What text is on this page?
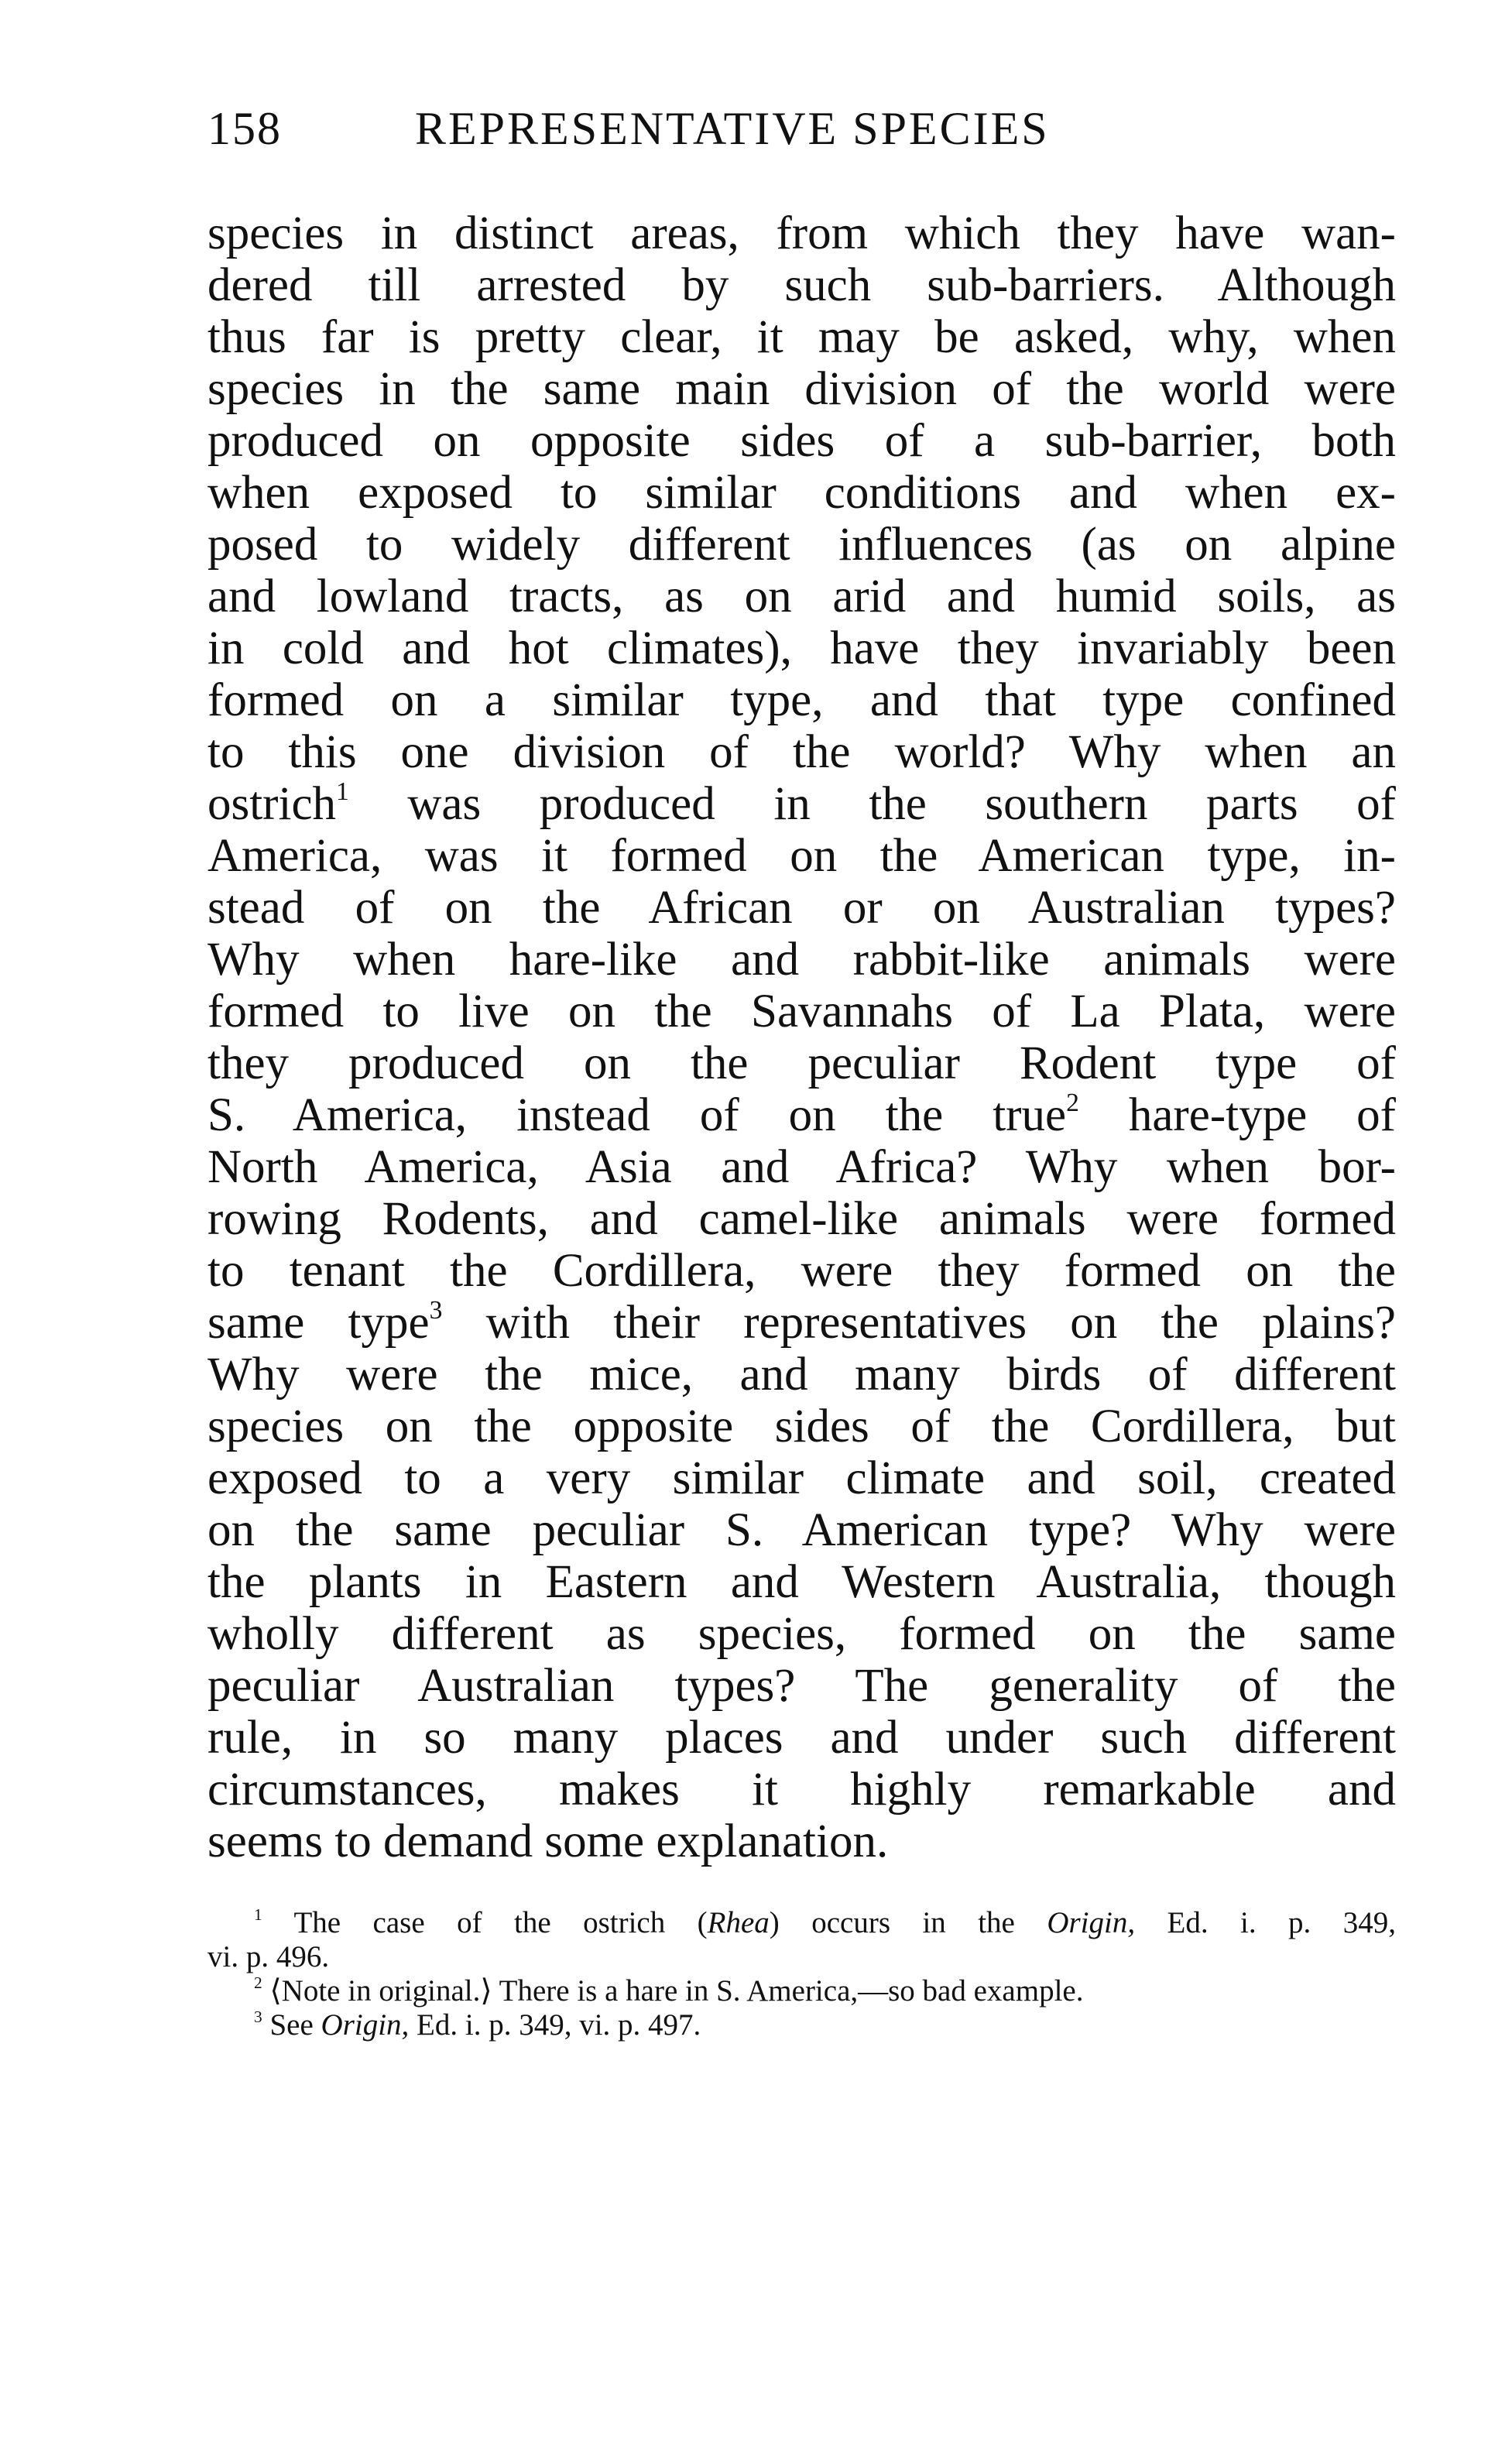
158	REPRESENTATIVE SPECIES
species in distinct areas, from which they have wan-
dered till arrested by such sub-barriers. Although
thus far is pretty clear, it may be asked, why, when
species in the same main division of the world were
produced on opposite sides of a sub-barrier, both
when exposed to similar conditions and when ex-
posed to widely different influences (as on alpine
and lowland tracts, as on arid and humid soils, as
in cold and hot climates), have they invariably been
formed on a similar type, and that type confined
to this one division of the world? Why when an
ostrich$^1$ was produced in the southern parts of
America, was it formed on the American type, in-
stead of on the African or on Australian types?
Why when hare-like and rabbit-like animals were
formed to live on the Savannahs of La Plata, were
they produced on the peculiar Rodent type of
S. America, instead of on the true$^2$ hare-type of
North America, Asia and Africa? Why when bor-
rowing Rodents, and camel-like animals were formed
to tenant the Cordillera, were they formed on the
same type$^3$ with their representatives on the plains?
Why were the mice, and many birds of different
species on the opposite sides of the Cordillera, but
exposed to a very similar climate and soil, created
on the same peculiar S. American type? Why were
the plants in Eastern and Western Australia, though
wholly different as species, formed on the same
peculiar Australian types? The generality of the
rule, in so many places and under such different
circumstances, makes it highly remarkable and
seems to demand some explanation.
$^1$ The case of the ostrich (Rhea) occurs in the Origin, Ed. i. p. 349,
vi. p. 496.
$^2$ ⟨Note in original.⟩ There is a hare in S. America,—so bad example.
$^3$ See Origin, Ed. i. p. 349, vi. p. 497.
